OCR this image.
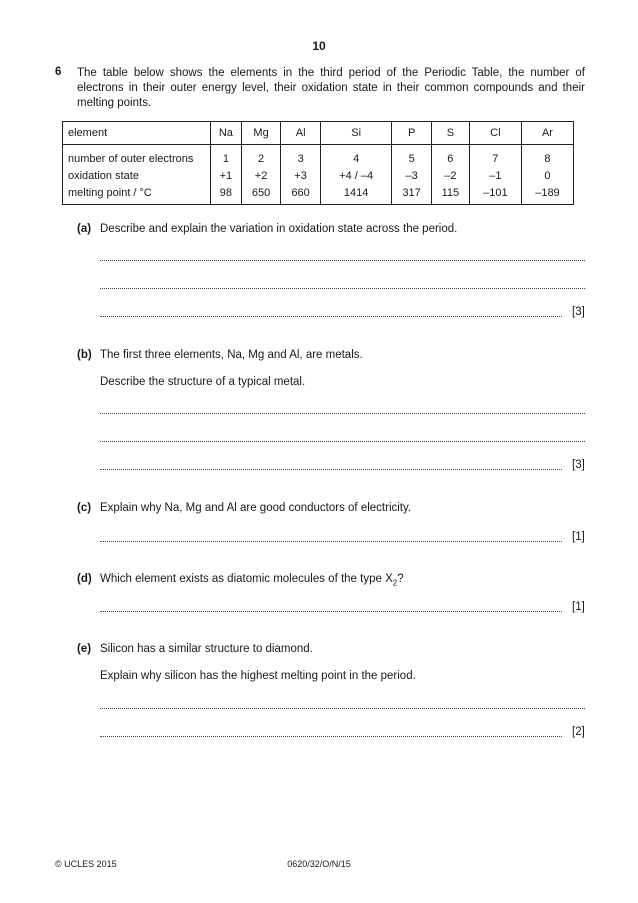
10
6 The table below shows the elements in the third period of the Periodic Table, the number of electrons in their outer energy level, their oxidation state in their common compounds and their melting points.
element	Na	Mg	Al	Si	P	S	Cl	Ar
number of outer electrons	1	2	3	4	5	6	7	8
oxidation state	+1	+2	+3	+4 / –4	–3	–2	–1	0
melting point / °C	98	650	660	1414	317	115	–101	–189
(a) Describe and explain the variation in oxidation state across the period.
[3]
(b) The first three elements, Na, Mg and Al, are metals.
Describe the structure of a typical metal.
[3]
(c) Explain why Na, Mg and Al are good conductors of electricity.
[1]
(d) Which element exists as diatomic molecules of the type $X_2$?
[1]
(e) Silicon has a similar structure to diamond.
Explain why silicon has the highest melting point in the period.
[2]
© UCLES 2015	0620/32/O/N/15
